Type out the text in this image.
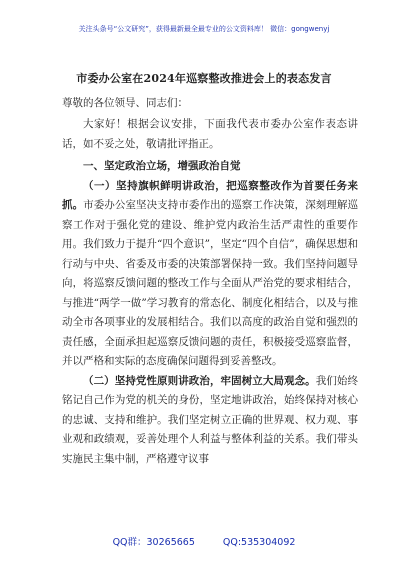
关注头条号“公文研究”，获得最新最全最专业的公文资料库！ 微信：gongwenyj
市委办公室在2024年巡察整改推进会上的表态发言
尊敬的各位领导、同志们：

大家好！根据会议安排，下面我代表市委办公室作表态讲话，如不妥之处，敬请批评指正。

一、坚定政治立场，增强政治自觉

（一）坚持旗帜鲜明讲政治，把巡察整改作为首要任务来抓。市委办公室坚决支持市委作出的巡察工作决策，深刻理解巡察工作对于强化党的建设、维护党内政治生活严肃性的重要作用。我们致力于提升“四个意识”，坚定“四个自信”，确保思想和行动与中央、省委及市委的决策部署保持一致。我们坚持问题导向，将巡察反馈问题的整改工作与全面从严治党的要求相结合，与推进“两学一做”学习教育的常态化、制度化相结合，以及与推动全市各项事业的发展相结合。我们以高度的政治自觉和强烈的责任感，全面承担起巡察反馈问题的责任，积极接受巡察监督，并以严格和实际的态度确保问题得到妥善整改。

（二）坚持党性原则讲政治，牢固树立大局观念。我们始终铭记自己作为党的机关的身份，坚定地讲政治，始终保持对核心的忠诚、支持和维护。我们坚定树立正确的世界观、权力观、事业观和政绩观，妥善处理个人利益与整体利益的关系。我们带头实施民主集中制，严格遵守议事

QQ群：30265665	QQ:535304092
